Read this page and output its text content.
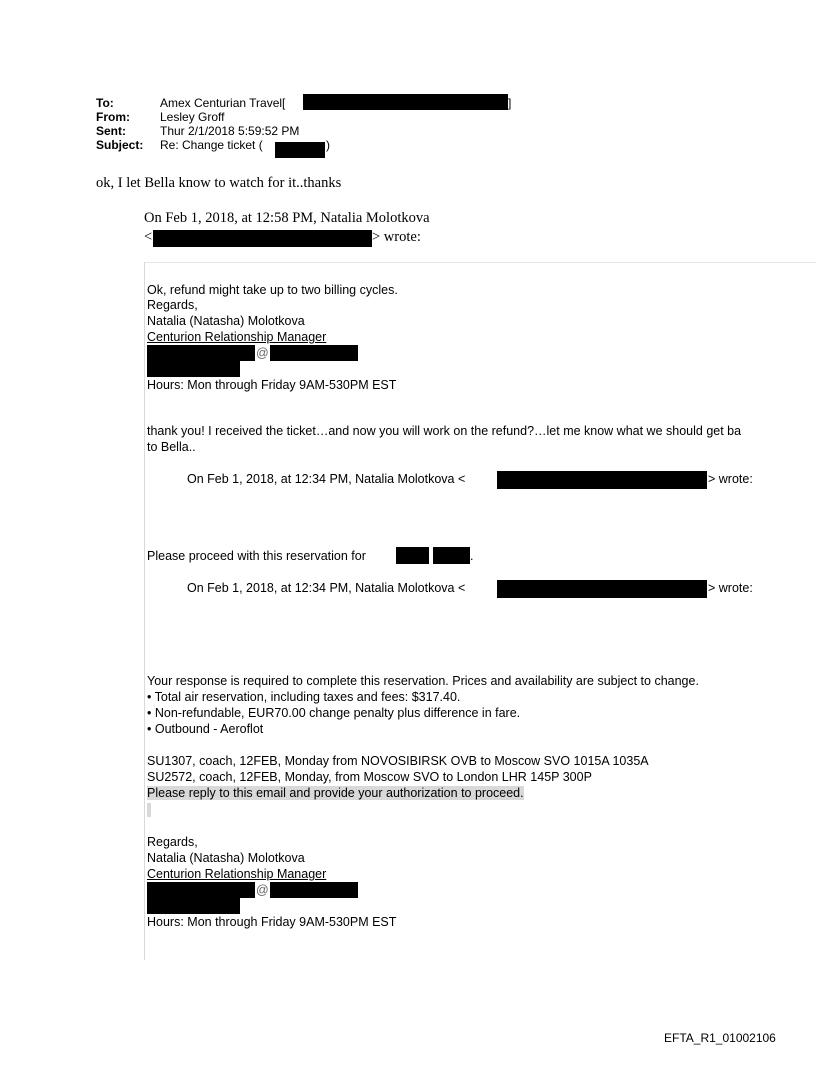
To:	Amex Centurian Travel[	]
From:	Lesley Groff
Sent:	Thur 2/1/2018 5:59:52 PM
Subject: Re: Change ticket (	)
ok, I let Bella know to watch for it..thanks
On Feb 1, 2018, at 12:58 PM, Natalia Molotkova
<	> wrote:
Ok, refund might take up to two billing cycles.
Regards,
Natalia (Natasha) Molotkova
Centurion Relationship Manager
@
Hours: Mon through Friday 9AM-530PM EST
thank you! I received the ticket…and now you will work on the refund?…let me know what we should get ba
to Bella..
On Feb 1, 2018, at 12:34 PM, Natalia Molotkova <	> wrote:
Please proceed with this reservation for	.
On Feb 1, 2018, at 12:34 PM, Natalia Molotkova <	> wrote:
Your response is required to complete this reservation. Prices and availability are subject to change.
• Total air reservation, including taxes and fees: $317.40.
• Non-refundable, EUR70.00 change penalty plus difference in fare.
• Outbound - Aeroflot
SU1307, coach, 12FEB, Monday from NOVOSIBIRSK OVB to Moscow SVO 1015A 1035A
SU2572, coach, 12FEB, Monday, from Moscow SVO to London LHR 145P 300P
Please reply to this email and provide your authorization to proceed.
Regards,
Natalia (Natasha) Molotkova
Centurion Relationship Manager
@
Hours: Mon through Friday 9AM-530PM EST
EFTA_R1_01002106
